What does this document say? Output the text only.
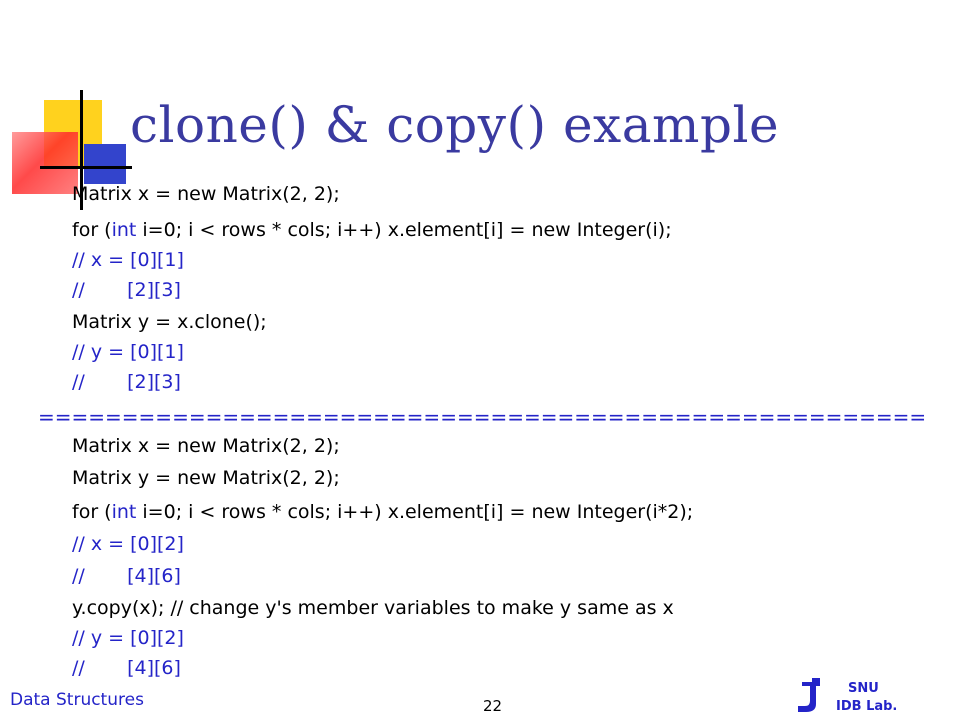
clone() & copy() example
Matrix x = new Matrix(2, 2);
for (int i=0; i < rows * cols; i++) x.element[i] = new Integer(i);
// x = [0][1]
//       [2][3]
Matrix y = x.clone();
// y = [0][1]
//       [2][3]
=====================================================
Matrix x = new Matrix(2, 2);
Matrix y = new Matrix(2, 2);
for (int i=0; i < rows * cols; i++) x.element[i] = new Integer(i*2);
// x = [0][2]
//       [4][6]
y.copy(x); // change y's member variables to make y same as x
// y = [0][2]
//       [4][6]
Data Structures	22
SNU
IDB Lab.
